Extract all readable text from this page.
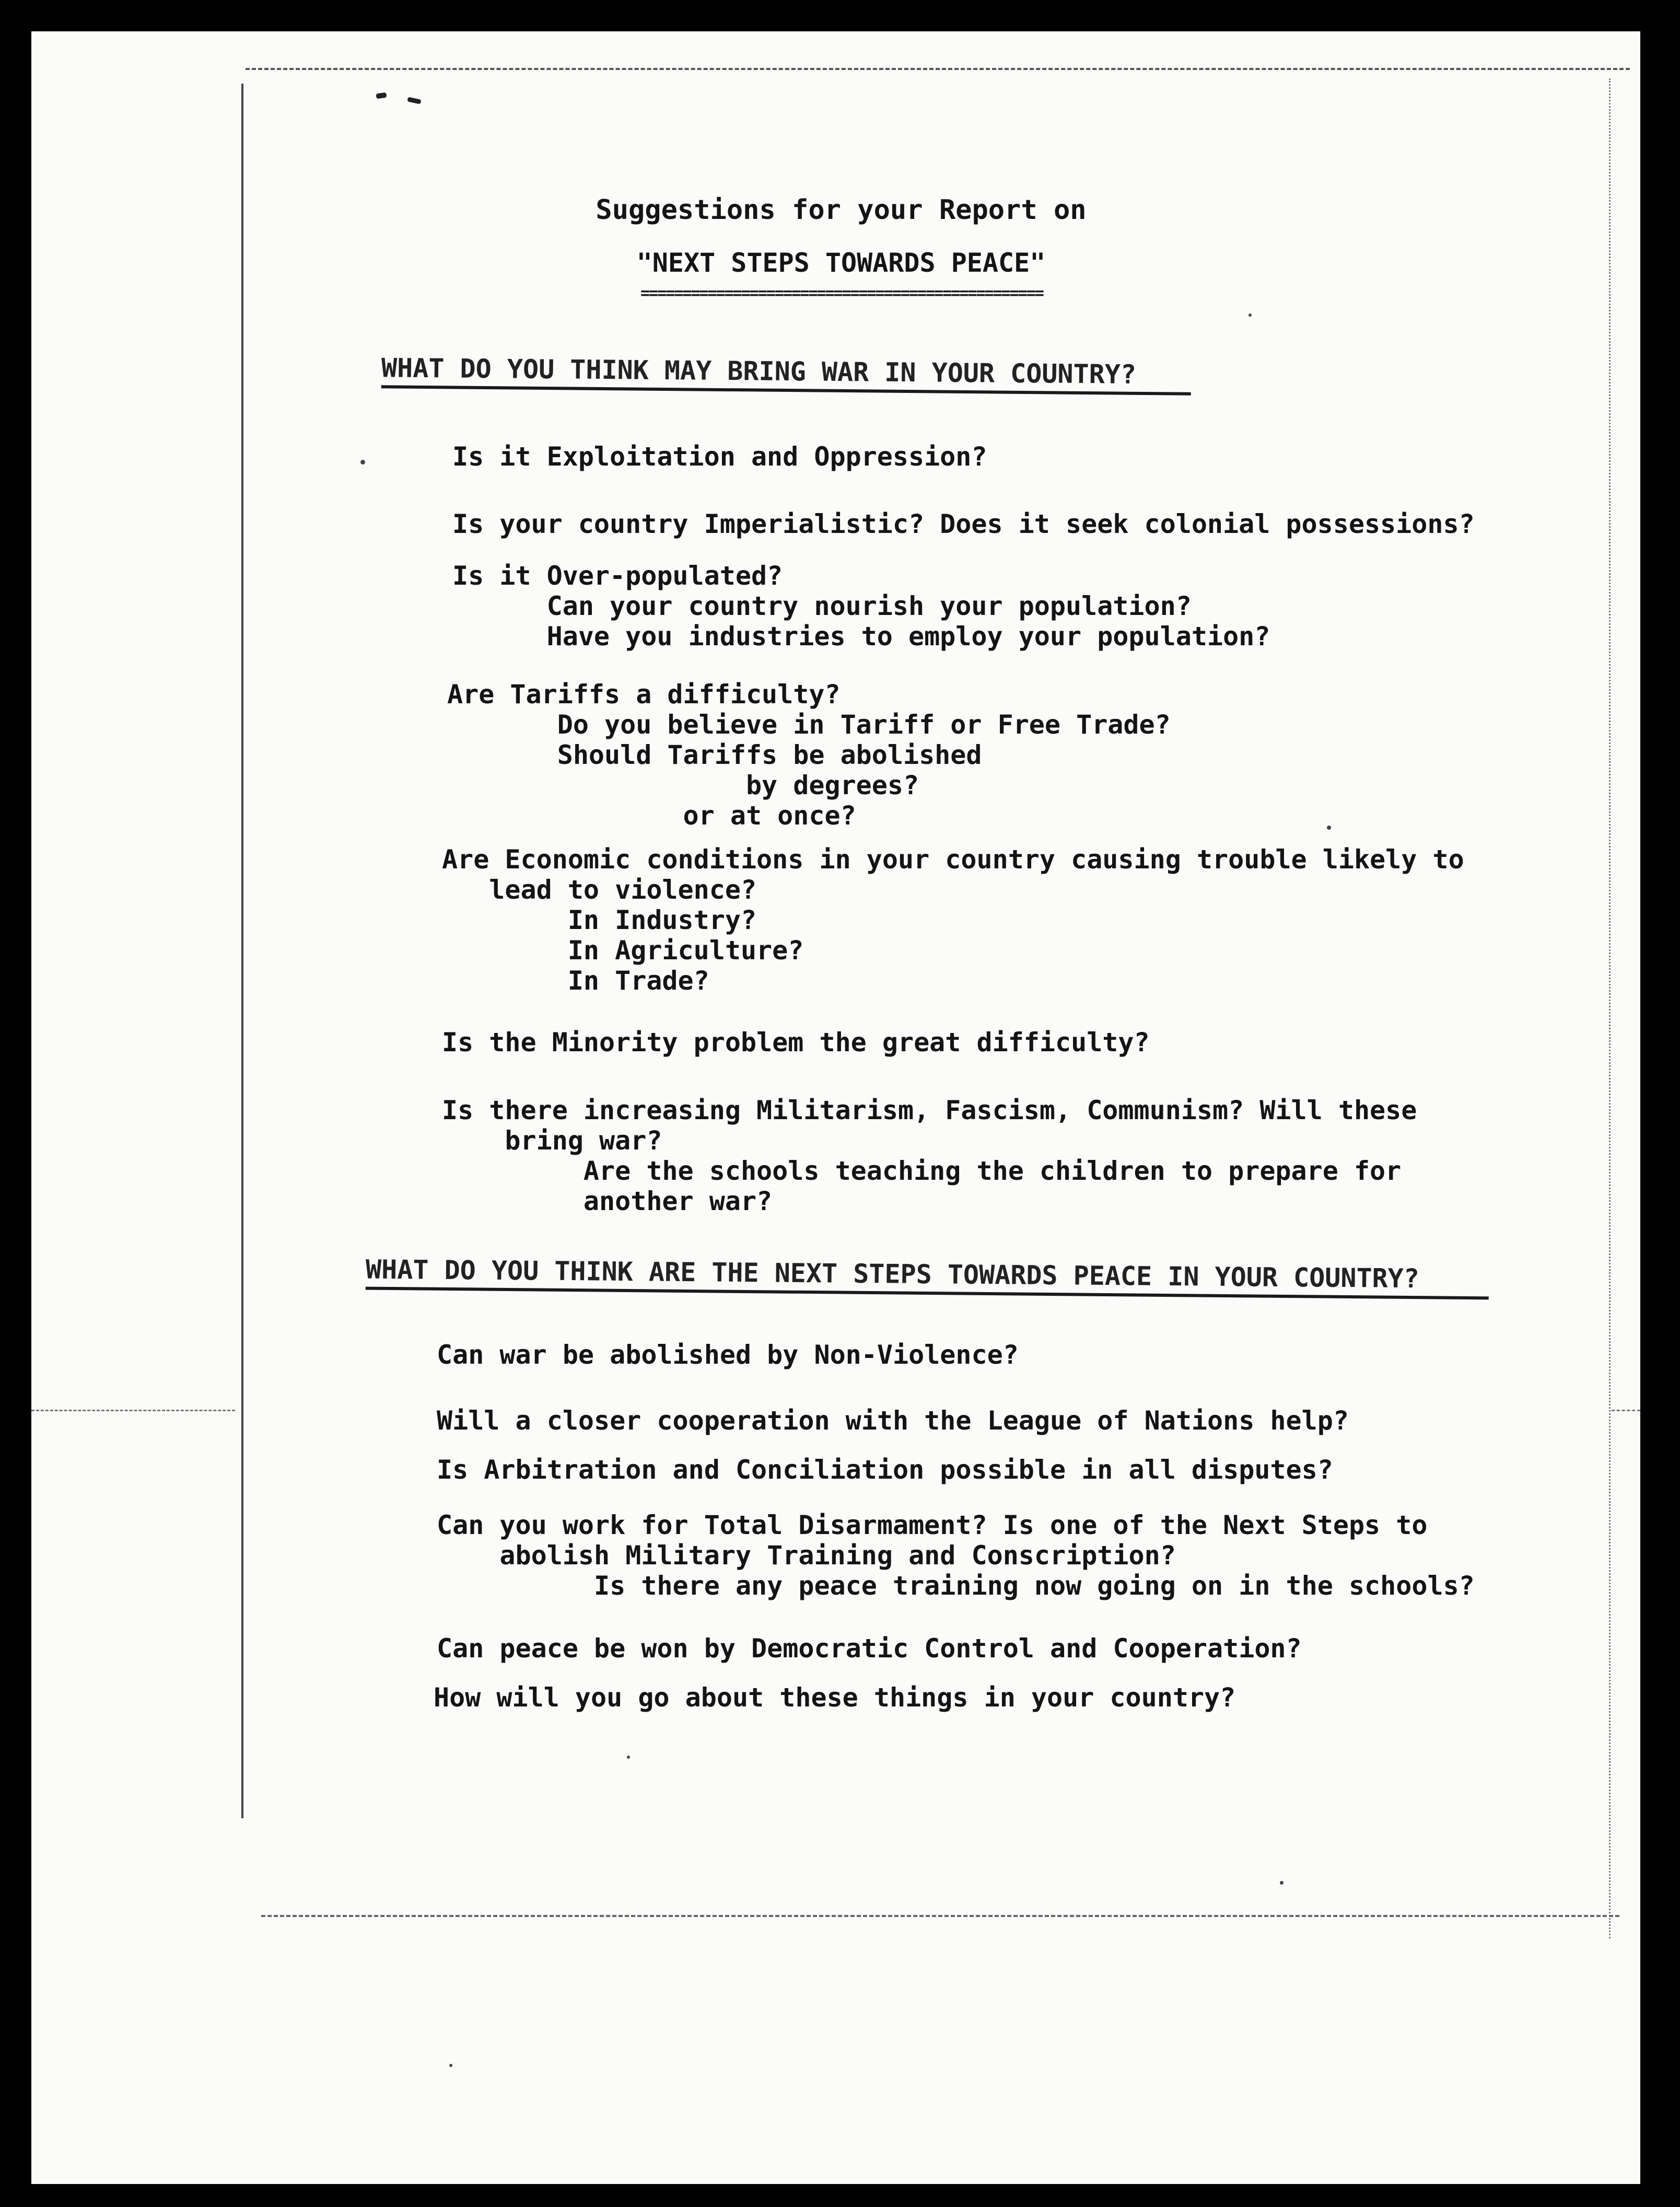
Suggestions for your Report on
"NEXT STEPS TOWARDS PEACE"
================================================
WHAT DO YOU THINK MAY BRING WAR IN YOUR COUNTRY?
Is it Exploitation and Oppression?
Is your country Imperialistic? Does it seek colonial possessions?
Is it Over-populated?
Can your country nourish your population?
Have you industries to employ your population?
Are Tariffs a difficulty?
Do you believe in Tariff or Free Trade?
Should Tariffs be abolished
by degrees?
or at once?
Are Economic conditions in your country causing trouble likely to
lead to violence?
In Industry?
In Agriculture?
In Trade?
Is the Minority problem the great difficulty?
Is there increasing Militarism, Fascism, Communism? Will these
bring war?
Are the schools teaching the children to prepare for
another war?
WHAT DO YOU THINK ARE THE NEXT STEPS TOWARDS PEACE IN YOUR COUNTRY?
Can war be abolished by Non-Violence?
Will a closer cooperation with the League of Nations help?
Is Arbitration and Conciliation possible in all disputes?
Can you work for Total Disarmament? Is one of the Next Steps to
abolish Military Training and Conscription?
Is there any peace training now going on in the schools?
Can peace be won by Democratic Control and Cooperation?
How will you go about these things in your country?
